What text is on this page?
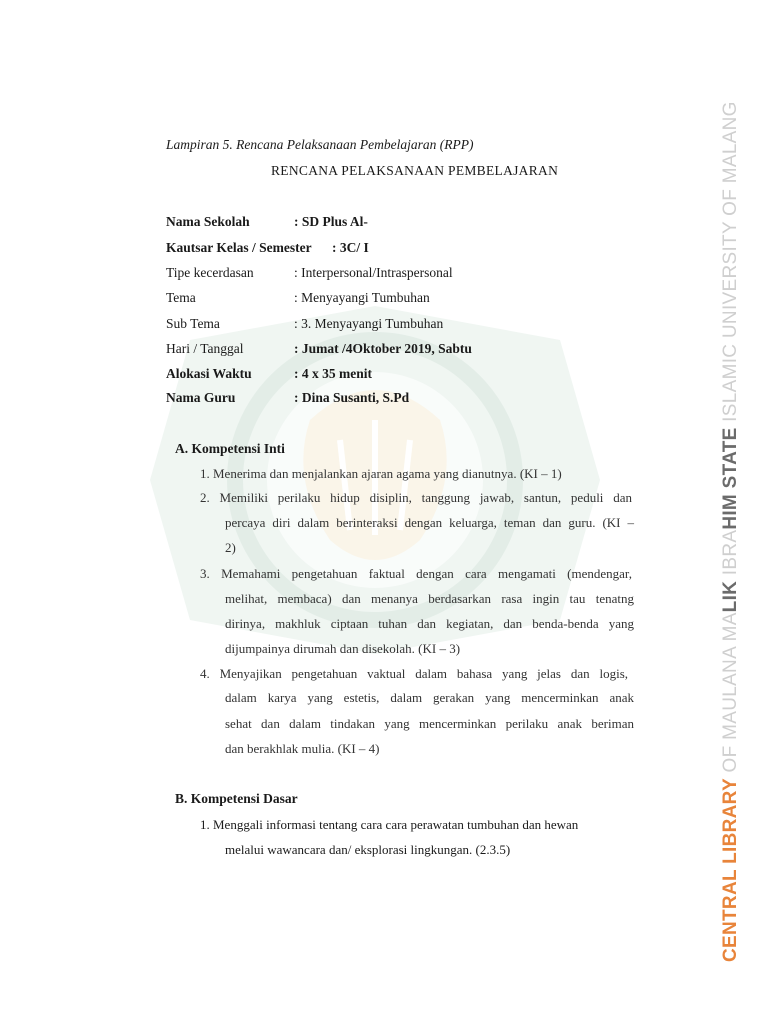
CENTRAL LIBRARY OF MAULANA MALIK IBRAHIM STATE ISLAMIC UNIVERSITY OF MALANG
Lampiran 5. Rencana Pelaksanaan Pembelajaran (RPP)
RENCANA PELAKSANAAN PEMBELAJARAN
Nama Sekolah	: SD Plus Al-
Kautsar Kelas / Semester : 3C/ I
Tipe kecerdasan	: Interpersonal/Intraspersonal
Tema	: Menyayangi Tumbuhan
Sub Tema	: 3. Menyayangi Tumbuhan
Hari / Tanggal	: Jumat /4Oktober 2019, Sabtu
Alokasi Waktu	: 4 x 35 menit
Nama Guru	: Dina Susanti, S.Pd
A. Kompetensi Inti
1. Menerima dan menjalankan ajaran agama yang dianutnya. (KI – 1)
2. Memiliki perilaku hidup disiplin, tanggung jawab, santun, peduli dan
percaya diri dalam berinteraksi dengan keluarga, teman dan guru. (KI –
2)
3. Memahami pengetahuan faktual dengan cara mengamati (mendengar,
melihat, membaca) dan menanya berdasarkan rasa ingin tau tenatng
dirinya, makhluk ciptaan tuhan dan kegiatan, dan benda-benda yang
dijumpainya dirumah dan disekolah. (KI – 3)
4. Menyajikan pengetahuan vaktual dalam bahasa yang jelas dan logis,
dalam karya yang estetis, dalam gerakan yang mencerminkan anak
sehat dan dalam tindakan yang mencerminkan perilaku anak beriman
dan berakhlak mulia. (KI – 4)
B. Kompetensi Dasar
1. Menggali informasi tentang cara cara perawatan tumbuhan dan hewan
melalui wawancara dan/ eksplorasi lingkungan. (2.3.5)
